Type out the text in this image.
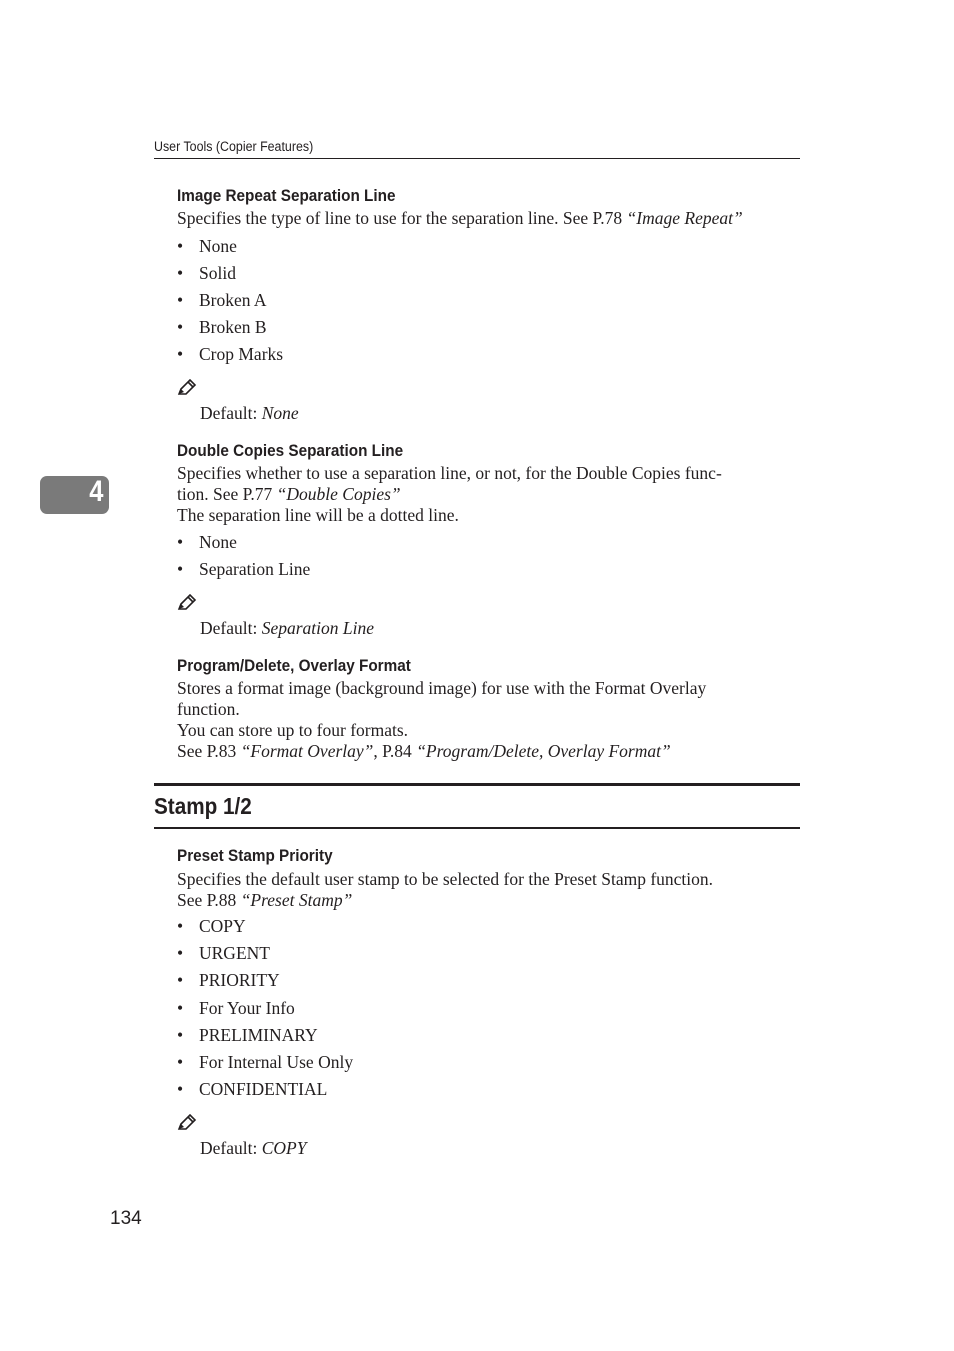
User Tools (Copier Features)
4
Image Repeat Separation Line
Specifies the type of line to use for the separation line. See P.78 “Image Repeat”
• None
• Solid
• Broken A
• Broken B
• Crop Marks
Default: None
Double Copies Separation Line
Specifies whether to use a separation line, or not, for the Double Copies func-
tion. See P.77 “Double Copies”
The separation line will be a dotted line.
• None
• Separation Line
Default: Separation Line
Program/Delete, Overlay Format
Stores a format image (background image) for use with the Format Overlay
function.
You can store up to four formats.
See P.83 “Format Overlay”, P.84 “Program/Delete, Overlay Format”
Stamp 1/2
Preset Stamp Priority
Specifies the default user stamp to be selected for the Preset Stamp function.
See P.88 “Preset Stamp”
• COPY
• URGENT
• PRIORITY
• For Your Info
• PRELIMINARY
• For Internal Use Only
• CONFIDENTIAL
Default: COPY
134
